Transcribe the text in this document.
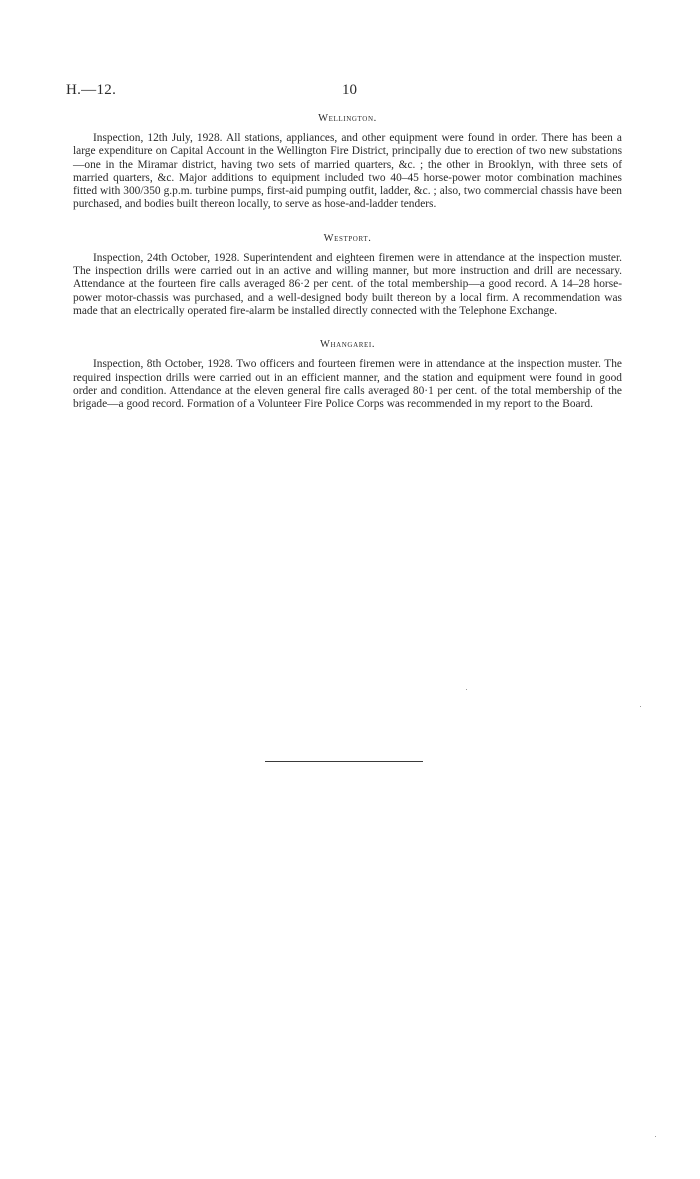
H.—12.	10
Wellington.

Inspection, 12th July, 1928. All stations, appliances, and other equipment were found in order. There has been a large expenditure on Capital Account in the Wellington Fire District, principally due to erection of two new substations—one in the Miramar district, having two sets of married quarters, &c. ; the other in Brooklyn, with three sets of married quarters, &c. Major additions to equipment included two 40–45 horse-power motor combination machines fitted with 300/350 g.p.m. turbine pumps, first-aid pumping outfit, ladder, &c. ; also, two commercial chassis have been purchased, and bodies built thereon locally, to serve as hose-and-ladder tenders.

Westport.

Inspection, 24th October, 1928. Superintendent and eighteen firemen were in attendance at the inspection muster. The inspection drills were carried out in an active and willing manner, but more instruction and drill are necessary. Attendance at the fourteen fire calls averaged 86·2 per cent. of the total membership—a good record. A 14–28 horse-power motor-chassis was purchased, and a well-designed body built thereon by a local firm. A recommendation was made that an electrically operated fire-alarm be installed directly connected with the Telephone Exchange.

Whangarei.

Inspection, 8th October, 1928. Two officers and fourteen firemen were in attendance at the inspection muster. The required inspection drills were carried out in an efficient manner, and the station and equipment were found in good order and condition. Attendance at the eleven general fire calls averaged 80·1 per cent. of the total membership of the brigade—a good record. Formation of a Volunteer Fire Police Corps was recommended in my report to the Board.
